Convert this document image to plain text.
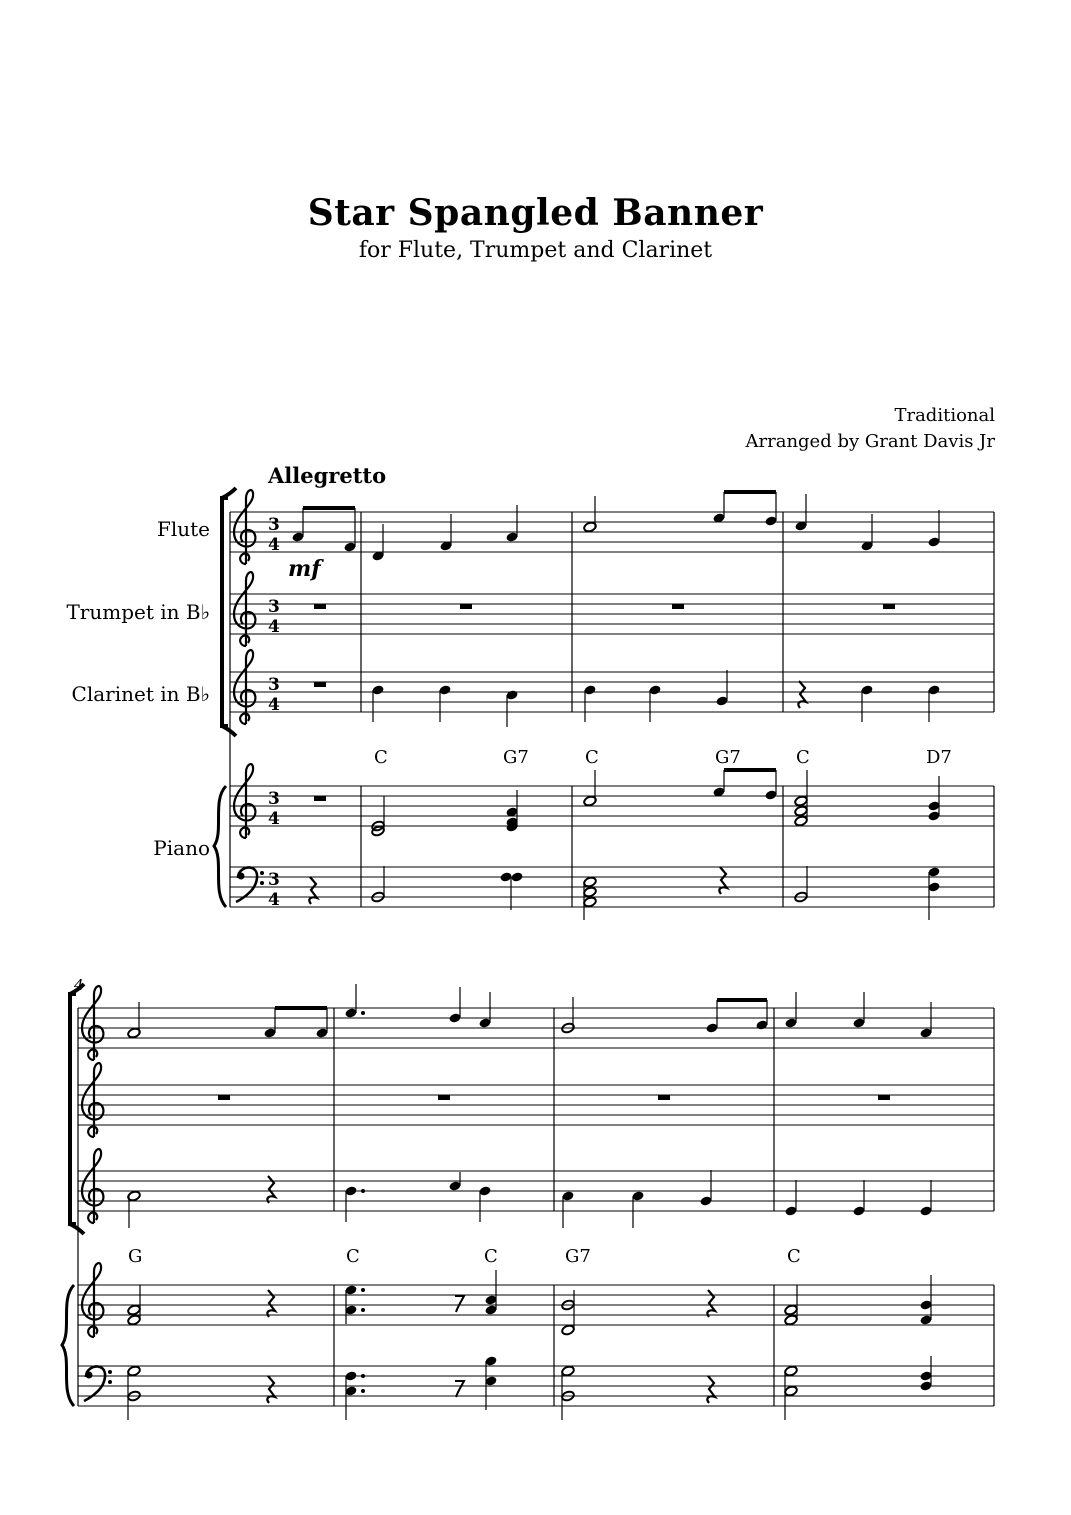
Star Spangled Banner
for Flute, Trumpet and Clarinet
Traditional
Arranged by Grant Davis Jr
Allegretto
Flute
Trumpet in B♭
Clarinet in B♭
Piano
3
4
3
4
3
4
3
4
3
4
mf
C	G7	C	G7	C	D7
4
G	C	C	G7	C
